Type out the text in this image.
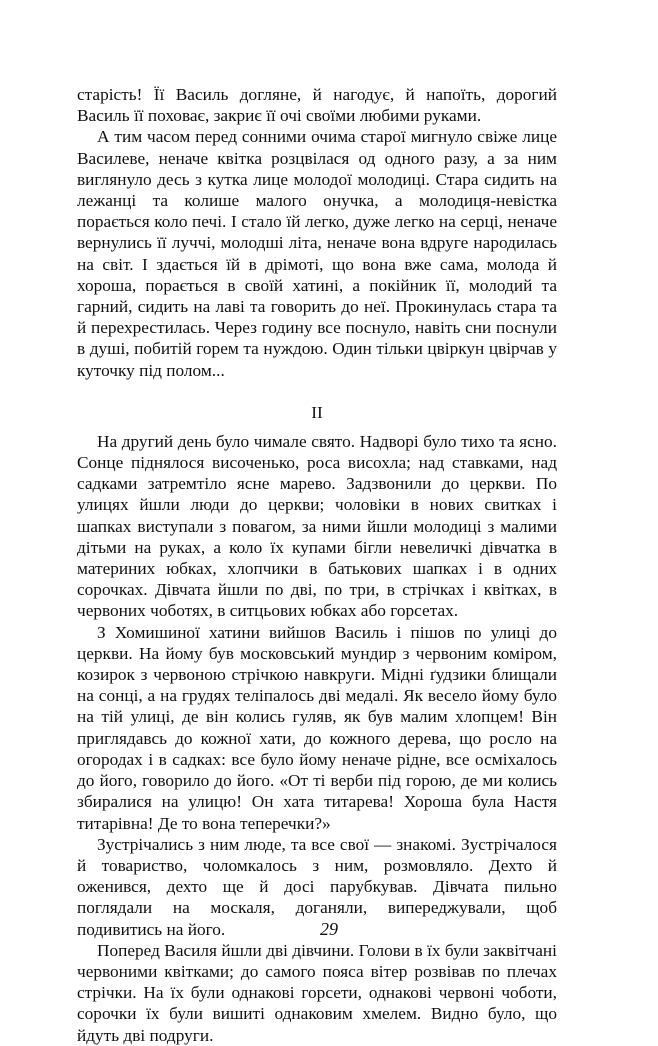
старість! Її Василь догляне, й нагодує, й напоїть, дорогий Василь її поховає, закриє її очі своїми любими руками.

А тим часом перед сонними очима старої мигнуло свіже лице Василеве, неначе квітка розцвілася од одного разу, а за ним виглянуло десь з кутка лице молодої молодиці. Стара сидить на лежанці та колише малого онучка, а молодиця-невістка порається коло печі. І стало їй легко, дуже легко на серці, неначе вернулись її луччі, молодші літа, неначе вона вдруге народилась на світ. І здається їй в дрімоті, що вона вже сама, молода й хороша, порається в своїй хатині, а покійник її, молодий та гарний, сидить на лаві та говорить до неї. Прокинулась стара та й перехрестилась. Через годину все поснуло, навіть сни поснули в душі, побитій горем та нуждою. Один тільки цвіркун цвірчав у куточку під полом...

II

На другий день було чимале свято. Надворі було тихо та ясно. Сонце піднялося височенько, роса висохла; над ставками, над садками затремтіло ясне марево. Задзвонили до церкви. По улицях йшли люди до церкви; чоловіки в нових свитках і шапках виступали з повагом, за ними йшли молодиці з малими дітьми на руках, а коло їх купами бігли невеличкі дівчатка в материних юбках, хлопчики в батькових шапках і в одних сорочках. Дівчата йшли по дві, по три, в стрічках і квітках, в червоних чоботях, в ситцьових юбках або горсетах.

З Хомишиної хатини вийшов Василь і пішов по улиці до церкви. На йому був московський мундир з червоним коміром, козирок з червоною стрічкою навкруги. Мідні ґудзики блищали на сонці, а на грудях теліпалось дві медалі. Як весело йому було на тій улиці, де він колись гуляв, як був малим хлопцем! Він приглядавсь до кожної хати, до кожного дерева, що росло на огородах і в садках: все було йому неначе рідне, все осміхалось до його, говорило до його. «От ті верби під горою, де ми колись збиралися на улицю! Он хата титарева! Хороша була Настя титарівна! Де то вона теперечки?»

Зустрічались з ним люде, та все свої — знакомі. Зустрічалося й товариство, чоломкалось з ним, розмовляло. Дехто й оженився, дехто ще й досі парубкував. Дівчата пильно поглядали на москаля, доганяли, випереджували, щоб подивитись на його.

Поперед Василя йшли дві дівчини. Голови в їх були заквітчані червоними квітками; до самого пояса вітер розвівав по плечах стрічки. На їх були однакові горсети, однакові червоні чоботи, сорочки їх були вишиті однаковим хмелем. Видно було, що йдуть дві подруги.

29
